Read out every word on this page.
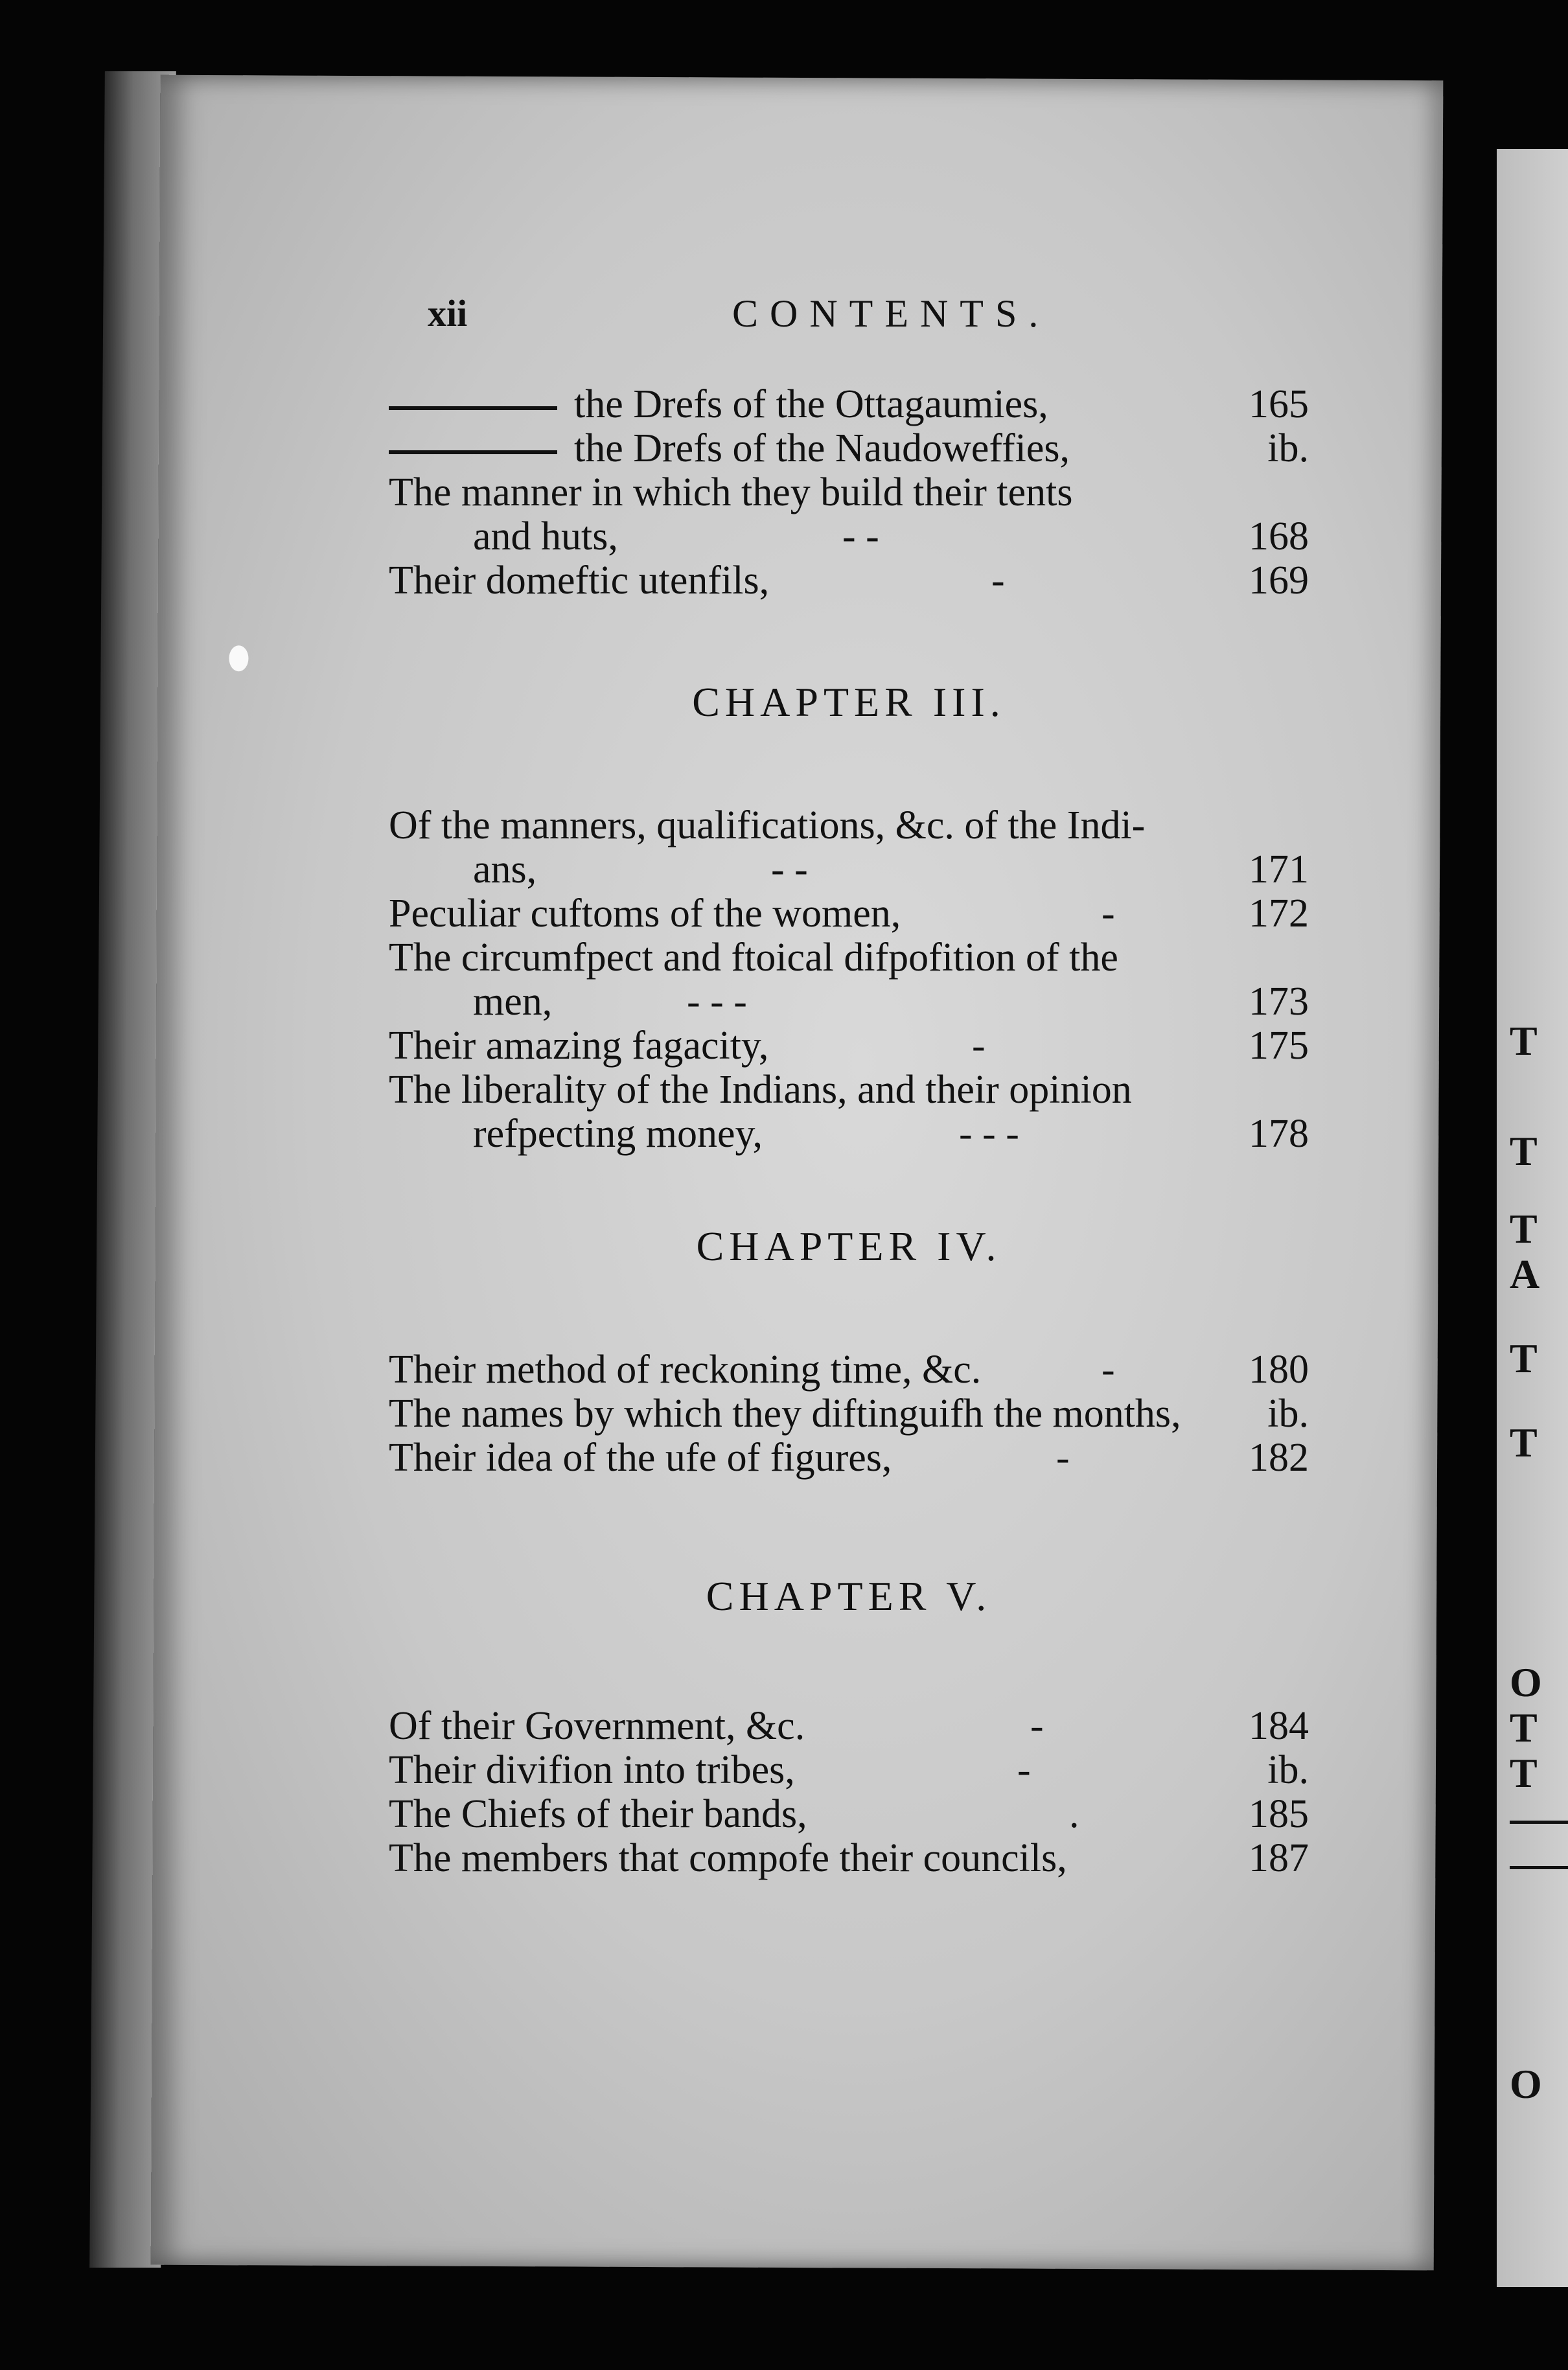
T
T
T
A
T
T
O
T
T
O
xii	CONTENTS.
the Drefs of the Ottagaumies,	165
the Drefs of the Naudoweffies,	ib.
The manner in which they build their tents
and huts,	- -	168
Their domeftic utenfils,	-	169
CHAPTER III.
Of the manners, qualifications, &c. of the Indi-
ans,	- -	171
Peculiar cuftoms of the women,	-	172
The circumfpect and ftoical difpofition of the
men,	- - -	173
Their amazing fagacity,	-	175
The liberality of the Indians, and their opinion
refpecting money,	- - -	178
CHAPTER IV.
Their method of reckoning time, &c.	-	180
The names by which they diftinguifh the months, ib.
Their idea of the ufe of figures,	-	182
CHAPTER V.
Of their Government, &c.	-	184
Their divifion into tribes,	-	ib.
The Chiefs of their bands,	.	185
The members that compofe their councils,	187
